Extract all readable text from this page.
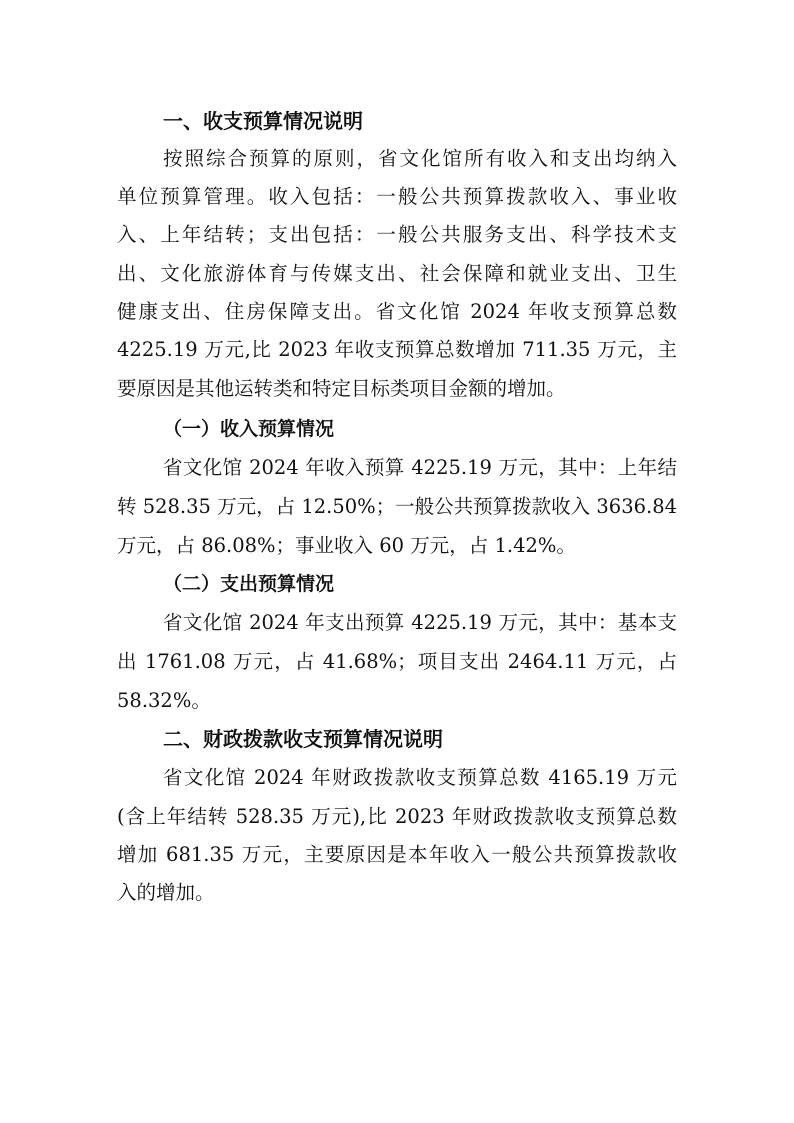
一、收支预算情况说明
按照综合预算的原则，省文化馆所有收入和支出均纳入
单位预算管理。收入包括：一般公共预算拨款收入、事业收
入、上年结转；支出包括：一般公共服务支出、科学技术支
出、文化旅游体育与传媒支出、社会保障和就业支出、卫生
健康支出、住房保障支出。省文化馆 2024 年收支预算总数
4225.19 万元,比 2023 年收支预算总数增加 711.35 万元，主
要原因是其他运转类和特定目标类项目金额的增加。
（一）收入预算情况
省文化馆 2024 年收入预算 4225.19 万元，其中：上年结
转 528.35 万元，占 12.50%；一般公共预算拨款收入 3636.84
万元，占 86.08%；事业收入 60 万元，占 1.42%。
（二）支出预算情况
省文化馆 2024 年支出预算 4225.19 万元，其中：基本支
出 1761.08 万元，占 41.68%；项目支出 2464.11 万元，占
58.32%。
二、财政拨款收支预算情况说明
省文化馆 2024 年财政拨款收支预算总数 4165.19 万元
(含上年结转 528.35 万元),比 2023 年财政拨款收支预算总数
增加 681.35 万元，主要原因是本年收入一般公共预算拨款收
入的增加。
